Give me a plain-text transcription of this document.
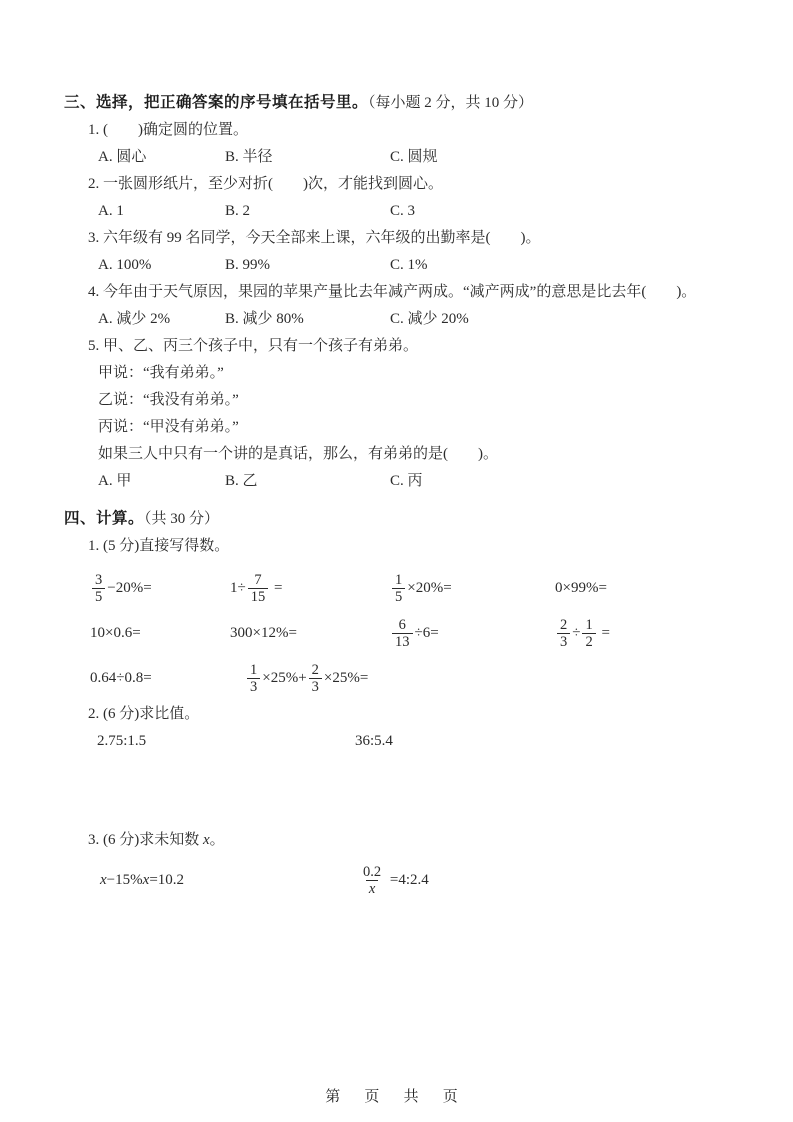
三、选择，把正确答案的序号填在括号里。（每小题 2 分，共 10 分）
1. (        )确定圆的位置。
A. 圆心	B. 半径	C. 圆规
2. 一张圆形纸片，至少对折(        )次，才能找到圆心。
A. 1	B. 2	C. 3
3. 六年级有 99 名同学，今天全部来上课，六年级的出勤率是(        )。
A. 100%	B. 99%	C. 1%
4. 今年由于天气原因，果园的苹果产量比去年减产两成。“减产两成”的意思是比去年(        )。
A. 减少 2%	B. 减少 80%	C. 减少 20%
5. 甲、乙、丙三个孩子中，只有一个孩子有弟弟。
甲说：“我有弟弟。”
乙说：“我没有弟弟。”
丙说：“甲没有弟弟。”
如果三人中只有一个讲的是真话，那么，有弟弟的是(        )。
A. 甲	B. 乙	C. 丙
四、计算。（共 30 分）
1. (5 分)直接写得数。
$\frac{3}{5} -20\%=$	$1\div \frac{7}{15}$ =	$\frac{1}{5} \times 20\%=$	0×99%=
10×0.6=	300×12%=	$\frac{6}{13} \div 6=$	$\frac{2}{3} \div \frac{1}{2}$ =
0.64÷0.8=	$\frac{1}{3} \times 25\%+ \frac{2}{3} \times 25\%=$
2. (6 分)求比值。
2.75:1.5	36:5.4
3. (6 分)求未知数 x。
x −15% x =10.2	$\frac{0.2}{x}$ =4:2.4
第 页 共 页
